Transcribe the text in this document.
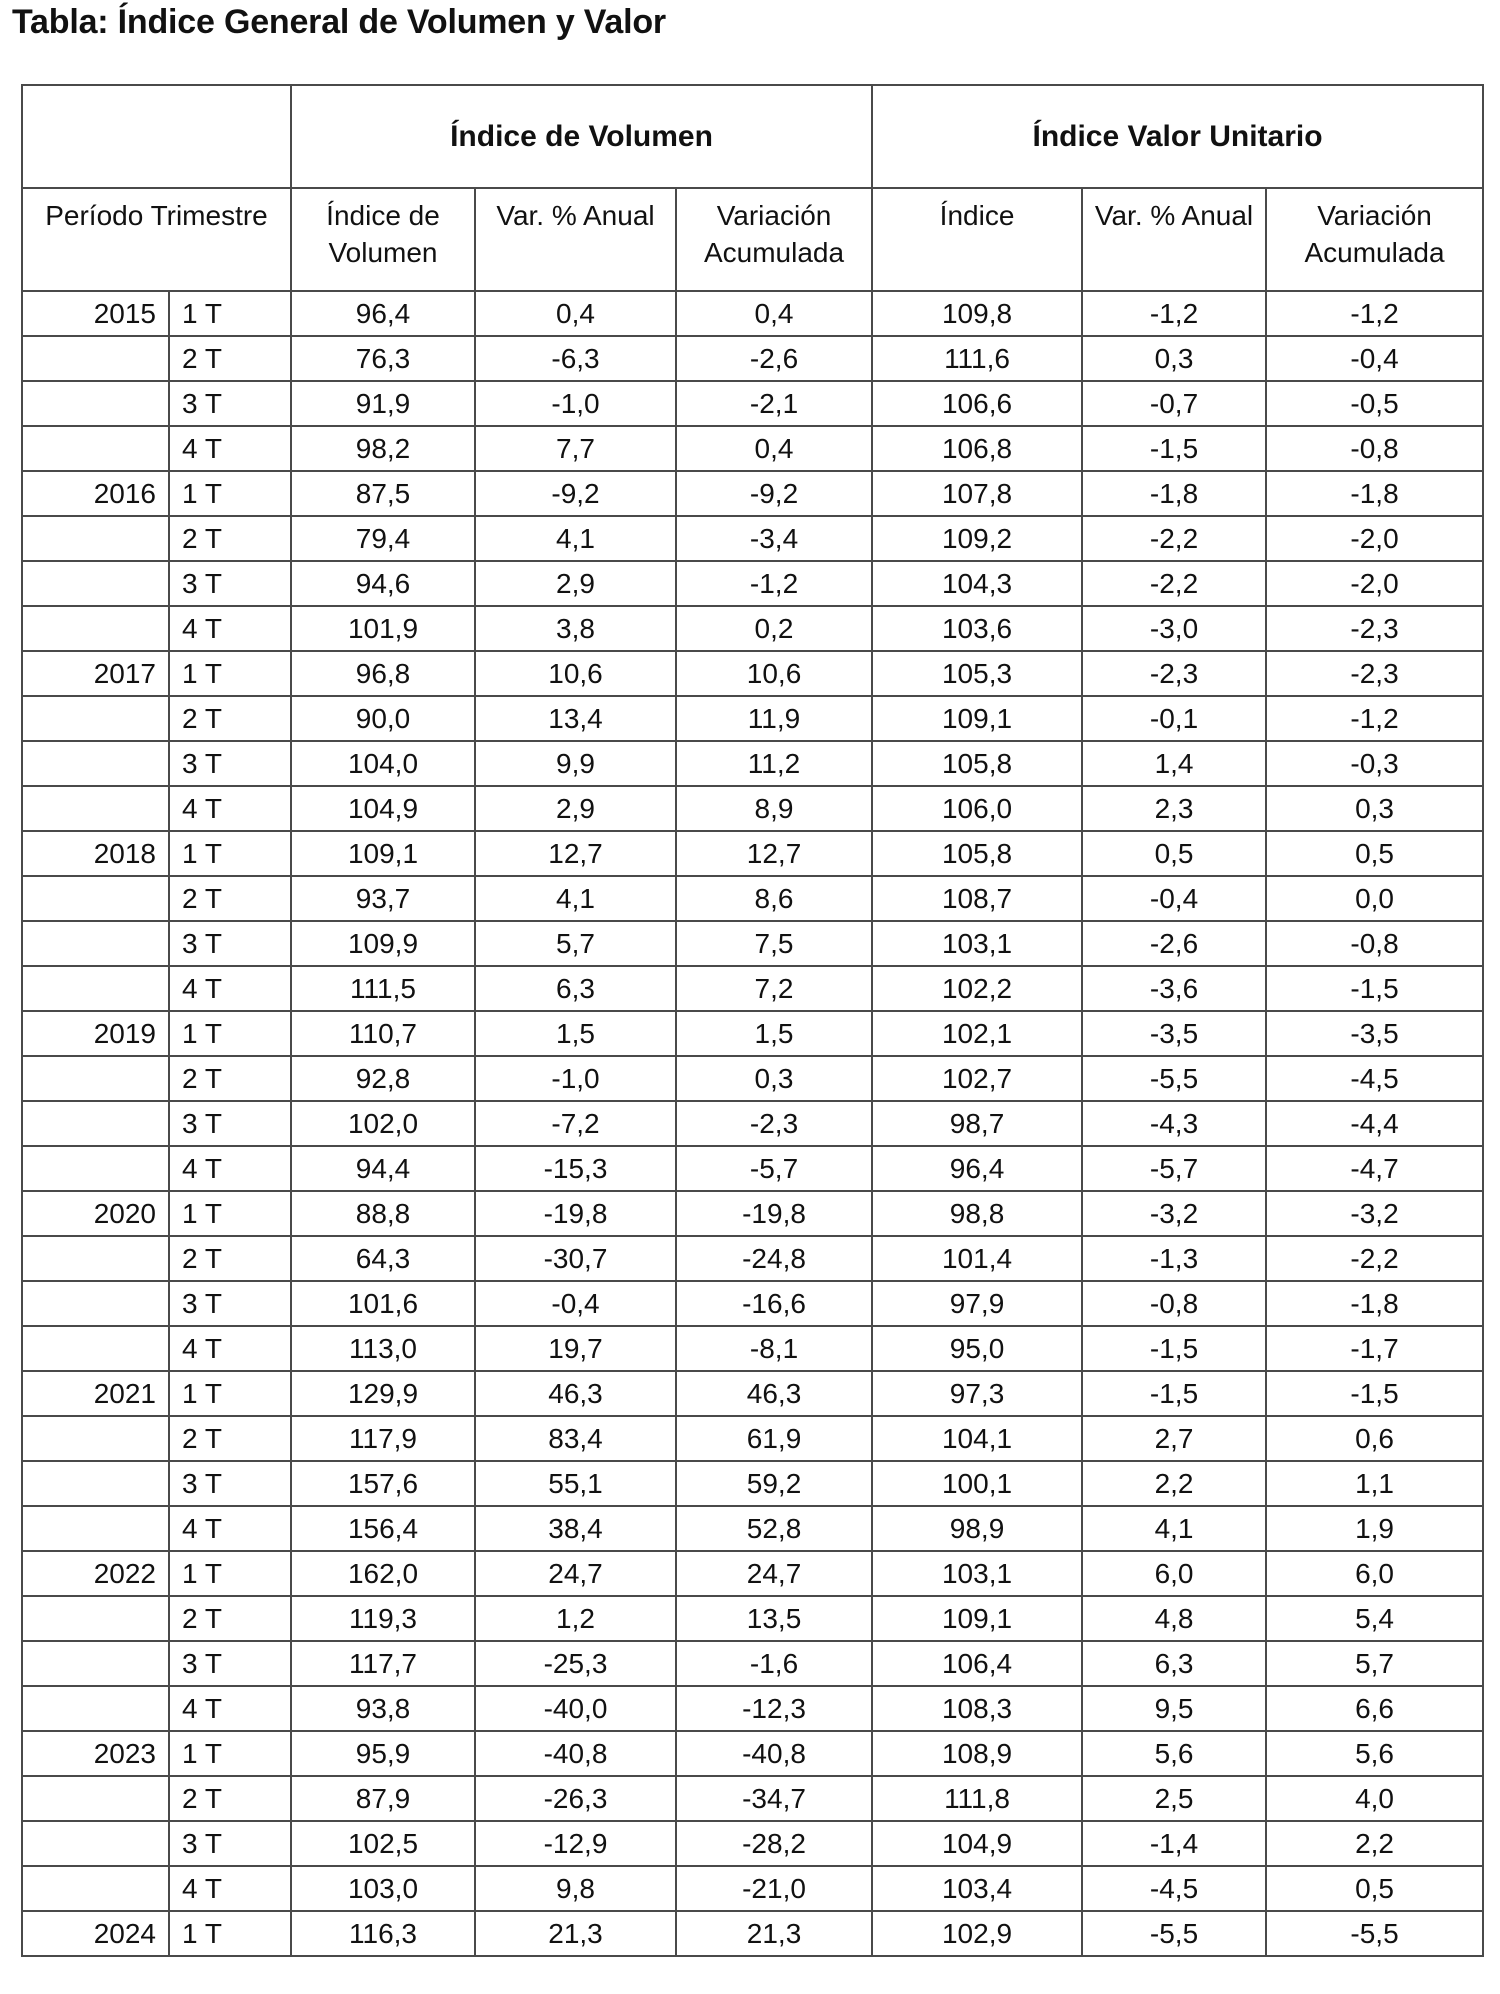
Tabla: Índice General de Volumen y Valor
		Índice de Volumen			Índice Valor Unitario		
Período Trimestre		Índice de Volumen	Var. % Anual	Variación Acumulada	Índice	Var. % Anual	Variación Acumulada
2015	1 T	96,4	0,4	0,4	109,8	-1,2	-1,2
	2 T	76,3	-6,3	-2,6	111,6	0,3	-0,4
	3 T	91,9	-1,0	-2,1	106,6	-0,7	-0,5
	4 T	98,2	7,7	0,4	106,8	-1,5	-0,8
2016	1 T	87,5	-9,2	-9,2	107,8	-1,8	-1,8
	2 T	79,4	4,1	-3,4	109,2	-2,2	-2,0
	3 T	94,6	2,9	-1,2	104,3	-2,2	-2,0
	4 T	101,9	3,8	0,2	103,6	-3,0	-2,3
2017	1 T	96,8	10,6	10,6	105,3	-2,3	-2,3
	2 T	90,0	13,4	11,9	109,1	-0,1	-1,2
	3 T	104,0	9,9	11,2	105,8	1,4	-0,3
	4 T	104,9	2,9	8,9	106,0	2,3	0,3
2018	1 T	109,1	12,7	12,7	105,8	0,5	0,5
	2 T	93,7	4,1	8,6	108,7	-0,4	0,0
	3 T	109,9	5,7	7,5	103,1	-2,6	-0,8
	4 T	111,5	6,3	7,2	102,2	-3,6	-1,5
2019	1 T	110,7	1,5	1,5	102,1	-3,5	-3,5
	2 T	92,8	-1,0	0,3	102,7	-5,5	-4,5
	3 T	102,0	-7,2	-2,3	98,7	-4,3	-4,4
	4 T	94,4	-15,3	-5,7	96,4	-5,7	-4,7
2020	1 T	88,8	-19,8	-19,8	98,8	-3,2	-3,2
	2 T	64,3	-30,7	-24,8	101,4	-1,3	-2,2
	3 T	101,6	-0,4	-16,6	97,9	-0,8	-1,8
	4 T	113,0	19,7	-8,1	95,0	-1,5	-1,7
2021	1 T	129,9	46,3	46,3	97,3	-1,5	-1,5
	2 T	117,9	83,4	61,9	104,1	2,7	0,6
	3 T	157,6	55,1	59,2	100,1	2,2	1,1
	4 T	156,4	38,4	52,8	98,9	4,1	1,9
2022	1 T	162,0	24,7	24,7	103,1	6,0	6,0
	2 T	119,3	1,2	13,5	109,1	4,8	5,4
	3 T	117,7	-25,3	-1,6	106,4	6,3	5,7
	4 T	93,8	-40,0	-12,3	108,3	9,5	6,6
2023	1 T	95,9	-40,8	-40,8	108,9	5,6	5,6
	2 T	87,9	-26,3	-34,7	111,8	2,5	4,0
	3 T	102,5	-12,9	-28,2	104,9	-1,4	2,2
	4 T	103,0	9,8	-21,0	103,4	-4,5	0,5
2024	1 T	116,3	21,3	21,3	102,9	-5,5	-5,5
